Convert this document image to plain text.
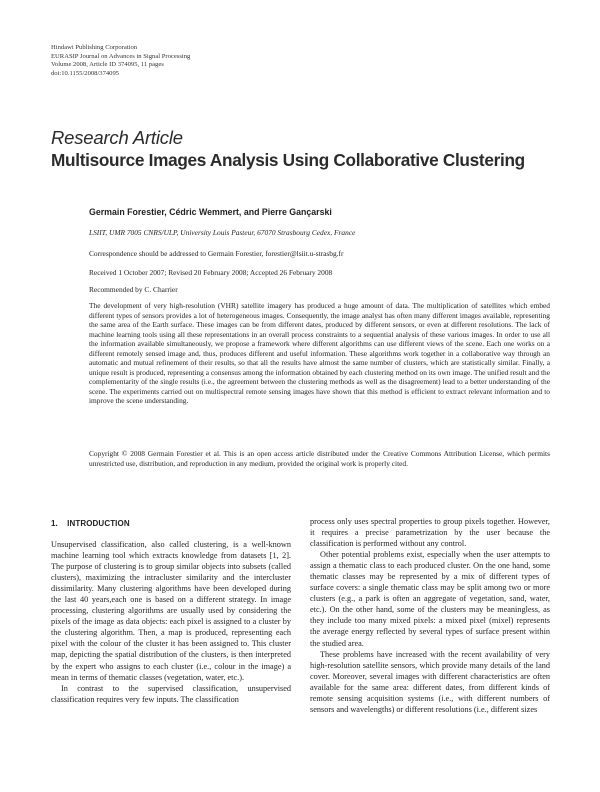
Hindawi Publishing Corporation
EURASIP Journal on Advances in Signal Processing
Volume 2008, Article ID 374095, 11 pages
doi:10.1155/2008/374095
Research Article
Multisource Images Analysis Using Collaborative Clustering
Germain Forestier, Cédric Wemmert, and Pierre Gançarski
LSIIT, UMR 7005 CNRS/ULP, University Louis Pasteur, 67070 Strasbourg Cedex, France
Correspondence should be addressed to Germain Forestier, forestier@lsiit.u-strasbg.fr
Received 1 October 2007; Revised 20 February 2008; Accepted 26 February 2008
Recommended by C. Charrier
The development of very high-resolution (VHR) satellite imagery has produced a huge amount of data. The multiplication of satellites which embed different types of sensors provides a lot of heterogeneous images. Consequently, the image analyst has often many different images available, representing the same area of the Earth surface. These images can be from different dates, produced by different sensors, or even at different resolutions. The lack of machine learning tools using all these representations in an overall process constraints to a sequential analysis of these various images. In order to use all the information available simultaneously, we propose a framework where different algorithms can use different views of the scene. Each one works on a different remotely sensed image and, thus, produces different and useful information. These algorithms work together in a collaborative way through an automatic and mutual refinement of their results, so that all the results have almost the same number of clusters, which are statistically similar. Finally, a unique result is produced, representing a consensus among the information obtained by each clustering method on its own image. The unified result and the complementarity of the single results (i.e., the agreement between the clustering methods as well as the disagreement) lead to a better understanding of the scene. The experiments carried out on multispectral remote sensing images have shown that this method is efficient to extract relevant information and to improve the scene understanding.
Copyright © 2008 Germain Forestier et al. This is an open access article distributed under the Creative Commons Attribution License, which permits unrestricted use, distribution, and reproduction in any medium, provided the original work is properly cited.
1. INTRODUCTION

Unsupervised classification, also called clustering, is a well-known machine learning tool which extracts knowledge from datasets [1, 2]. The purpose of clustering is to group similar objects into subsets (called clusters), maximizing the intracluster similarity and the intercluster dissimilarity. Many clustering algorithms have been developed during the last 40 years,each one is based on a different strategy. In image processing, clustering algorithms are usually used by considering the pixels of the image as data objects: each pixel is assigned to a cluster by the clustering algorithm. Then, a map is produced, representing each pixel with the colour of the cluster it has been assigned to. This cluster map, depicting the spatial distribution of the clusters, is then interpreted by the expert who assigns to each cluster (i.e., colour in the image) a mean in terms of thematic classes (vegetation, water, etc.).

In contrast to the supervised classification, unsupervised classification requires very few inputs. The classification

process only uses spectral properties to group pixels together. However, it requires a precise parametrization by the user because the classification is performed without any control.

Other potential problems exist, especially when the user attempts to assign a thematic class to each produced cluster. On the one hand, some thematic classes may be represented by a mix of different types of surface covers: a single thematic class may be split among two or more clusters (e.g., a park is often an aggregate of vegetation, sand, water, etc.). On the other hand, some of the clusters may be meaningless, as they include too many mixed pixels: a mixed pixel (mixel) represents the average energy reflected by several types of surface present within the studied area.

These problems have increased with the recent availability of very high-resolution satellite sensors, which provide many details of the land cover. Moreover, several images with different characteristics are often available for the same area: different dates, from different kinds of remote sensing acquisition systems (i.e., with different numbers of sensors and wavelengths) or different resolutions (i.e., different sizes
